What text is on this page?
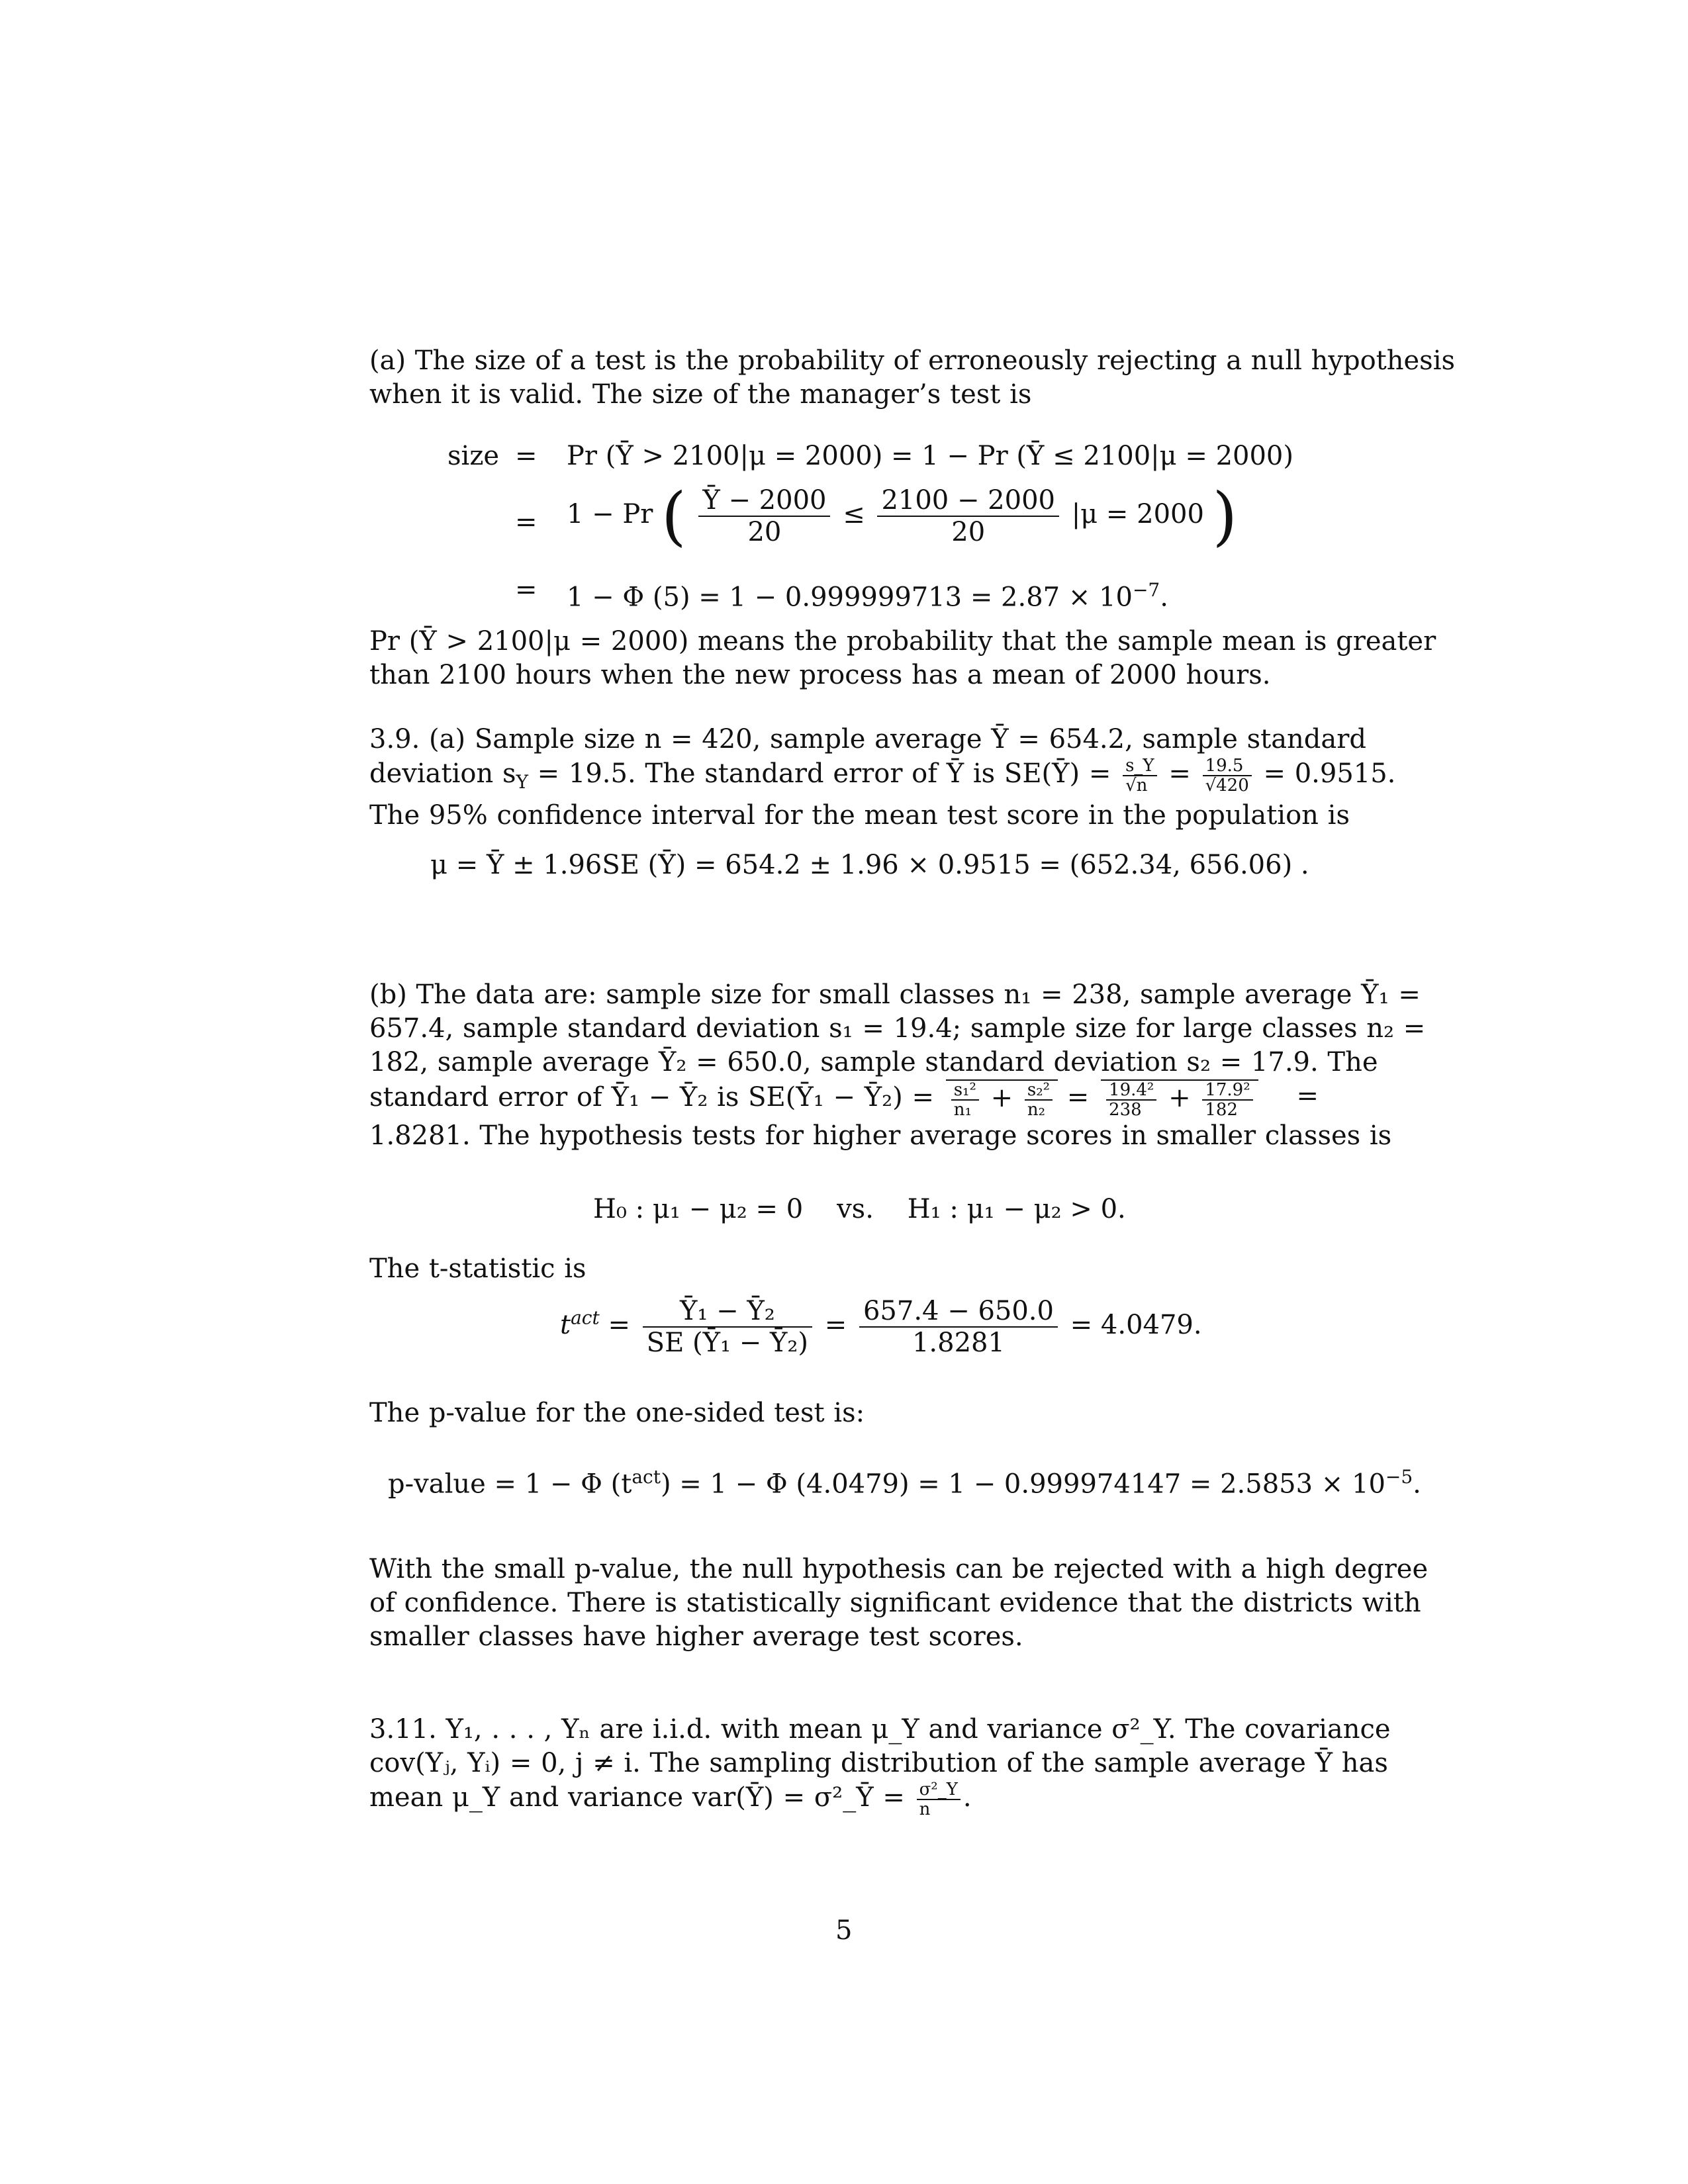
(a) The size of a test is the probability of erroneously rejecting a null hypothesis
when it is valid. The size of the manager’s test is
size = Pr (Ȳ > 2100|μ = 2000) = 1 − Pr (Ȳ ≤ 2100|μ = 2000)
= 1 − Pr ( $\frac{Ȳ - 2000}{20} \le \frac{2100 - 2000}{20} |\mu = 2000$ )
= 1 − Φ $(5) = 1 - 0.999999713 = 2.87 \times 10^{-7}$.
Pr (Ȳ > 2100|μ = 2000) means the probability that the sample mean is greater
than 2100 hours when the new process has a mean of 2000 hours.
3.9. (a) Sample size n = 420, sample average Ȳ = 654.2, sample standard
deviation $s_Y = 19.5$. The standard error of Ȳ is SE(Ȳ) = $\frac{s\_Y}{√n} = \frac{19.5}{√420} = 0.9515$.
The 95% confidence interval for the mean test score in the population is
μ = Ȳ ± 1.96SE (Ȳ) = 654.2 ± 1.96 × 0.9515 = (652.34, 656.06) .
(b) The data are: sample size for small classes n₁ = 238, sample average Ȳ₁ =
657.4, sample standard deviation s₁ = 19.4; sample size for large classes n₂ =
182, sample average Ȳ₂ = 650.0, sample standard deviation s₂ = 17.9. The
standard error of Ȳ₁ − Ȳ₂ is SE(Ȳ₁ − Ȳ₂) = $\frac{\text{s₁²}}{\text{n₁}} + \frac{\text{s₂²}}{\text{n₂}} = \frac{\text{19.4²}}{238} + \frac{\text{17.9²}}{182}$ =
1.8281. The hypothesis tests for higher average scores in smaller classes is
H₀ : μ₁ − μ₂ = 0    vs.    H₁ : μ₁ − μ₂ > 0.
The t-statistic is
$t^{act} = \frac{\text{Ȳ₁ − Ȳ₂}}{\text{SE (Ȳ₁ − Ȳ₂)}} = \frac{657.4 - 650.0}{1.8281} = 4.0479$.
The p-value for the one-sided test is:
p-value = 1 − Φ $(t^{act}) = 1 - \Phi$ $(4.0479) = 1 - 0.999974147 = 2.5853 \times 10^{-5}$.
With the small p-value, the null hypothesis can be rejected with a high degree
of confidence. There is statistically significant evidence that the districts with
smaller classes have higher average test scores.
3.11. Y₁, . . . , Yₙ are i.i.d. with mean μ_Y and variance σ²_Y. The covariance
cov(Yⱼ, Yᵢ) = 0, j ≠ i. The sampling distribution of the sample average Ȳ has
mean μ_Y and variance var(Ȳ) = σ²_Ȳ = $\frac{\text{σ²\_Y}}{n}$ .
5
